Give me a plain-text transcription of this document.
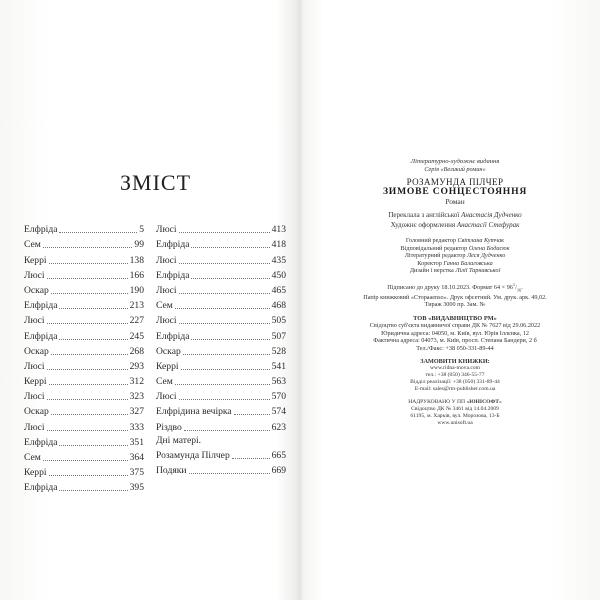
ЗМІСТ
Елфріда	5
Сем	99
Керрі	138
Люсі	166
Оскар	190
Елфріда	213
Люсі	227
Елфріда	245
Оскар	268
Люсі	293
Керрі	312
Люсі	323
Оскар	327
Люсі	333
Елфріда	351
Сем	364
Керрі	375
Елфріда	395
Люсі	413
Елфріда	418
Люсі	435
Елфріда	450
Люсі	465
Сем	468
Люсі	505
Елфріда	507
Оскар	528
Керрі	541
Сем	563
Люсі	570
Елфрідина вечірка	574
Різдво	623
Дні матері.
Розамунда Пілчер	665
Подяки	669
Літературно-художнє видання
Серія «Великий роман»
РОЗАМУНДА ПІЛЧЕР
ЗИМОВЕ СОНЦЕСТОЯННЯ
Роман
Переклала з англійської Анастасія Дудченко
Художнє оформлення Анастасії Стефурак
Головний редактор Світлана Кутчак
Відповідальний редактор Олена Бодасюк
Літературний редактор Леся Дудченко
Коректор Ганна Балаговська
Дизайн і верстка Лілії Тарнавської
Підписано до друку 18.10.2023. Формат $64 \times 96^1/_{16}$.
Папір книжковий «Сторааеnso». Друк офсетний. Ум. друк. арк. 49,02.
Тираж 3000 пр. Зам. №
ТОВ «ВИДАВНИЦТВО РМ»
Свідоцтво суб'єкта видавничої справи ДК № 7627 від 29.06.2022
Юридична адреса: 04050, м. Київ, вул. Юрія Іллєнка, 12
Фактична адреса: 04073, м. Київ, просп. Степана Бандери, 2 б
Тел./Факс: +38 050-331-89-44
ЗАМОВИТИ КНИЖКИ:
www.ridna-mova.com
тел.: +38 (050) 346-55-77
Відділ реалізації: +38 (050) 331-89-44
E-mail: sales@rm-publisher.com.ua
НАДРУКОВАНО У ПП «ЮНІСОФТ»
Свідоцтво ДК № 3461 від 14.04.2009
61195, м. Харків, вул. Морозова, 13-Б
www.unisoft.ua
